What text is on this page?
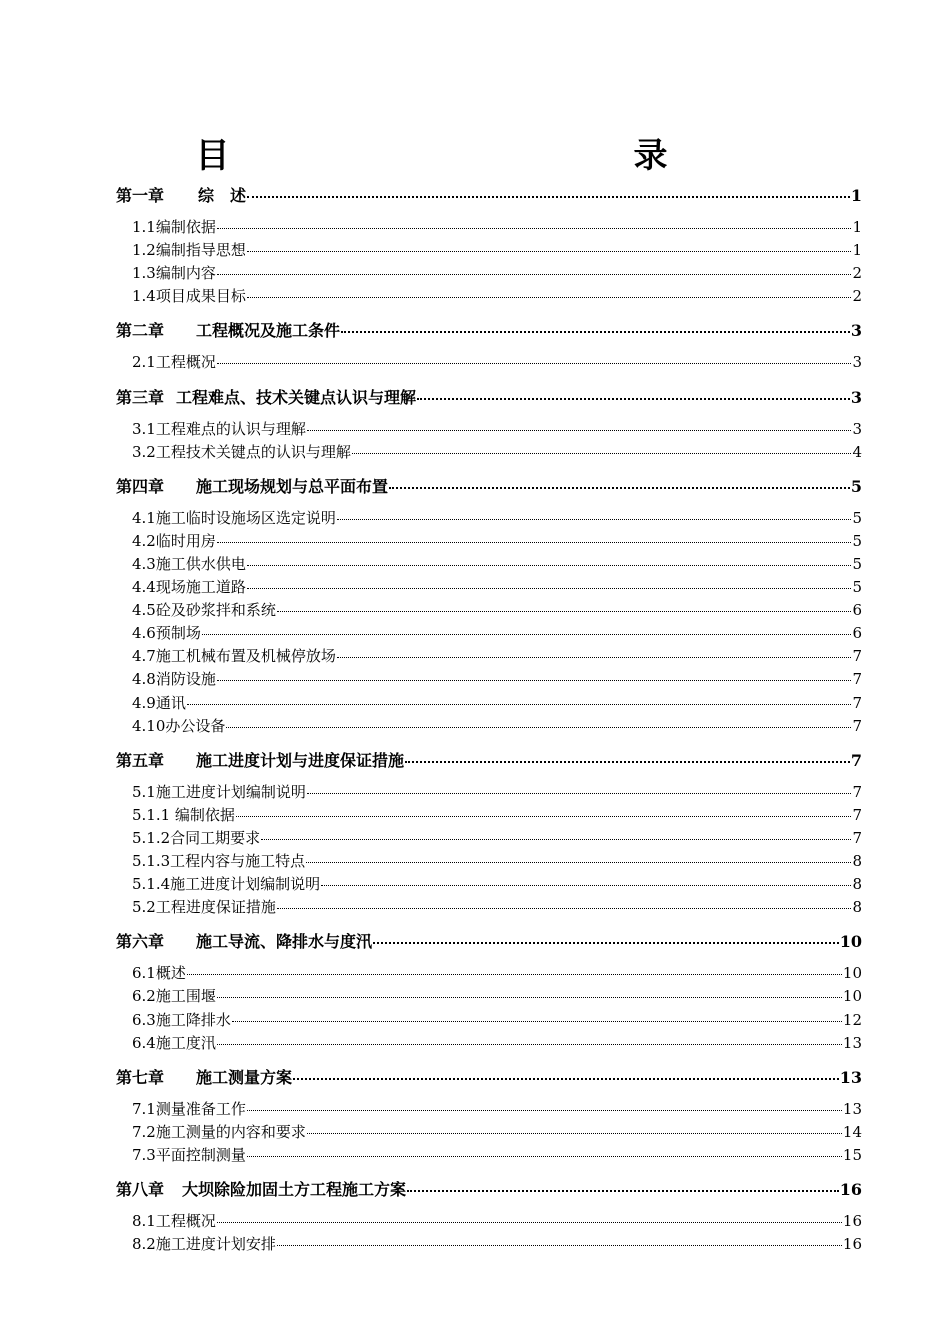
目　　录
第一章 综　述	1
1.1编制依据	1
1.2编制指导思想	1
1.3编制内容	2
1.4项目成果目标	2
第二章 工程概况及施工条件	3
2.1工程概况	3
第三章 工程难点、技术关键点认识与理解	3
3.1工程难点的认识与理解	3
3.2工程技术关键点的认识与理解	4
第四章 施工现场规划与总平面布置	5
4.1施工临时设施场区选定说明	5
4.2临时用房	5
4.3施工供水供电	5
4.4现场施工道路	5
4.5砼及砂浆拌和系统	6
4.6预制场	6
4.7施工机械布置及机械停放场	7
4.8消防设施	7
4.9通讯	7
4.10办公设备	7
第五章 施工进度计划与进度保证措施	7
5.1施工进度计划编制说明	7
5.1.1 编制依据	7
5.1.2合同工期要求	7
5.1.3工程内容与施工特点	8
5.1.4施工进度计划编制说明	8
5.2工程进度保证措施	8
第六章 施工导流、降排水与度汛	10
6.1概述	10
6.2施工围堰	10
6.3施工降排水	12
6.4施工度汛	13
第七章 施工测量方案	13
7.1测量准备工作	13
7.2施工测量的内容和要求	14
7.3平面控制测量	15
第八章 大坝除险加固土方工程施工方案	16
8.1工程概况	16
8.2施工进度计划安排	16
